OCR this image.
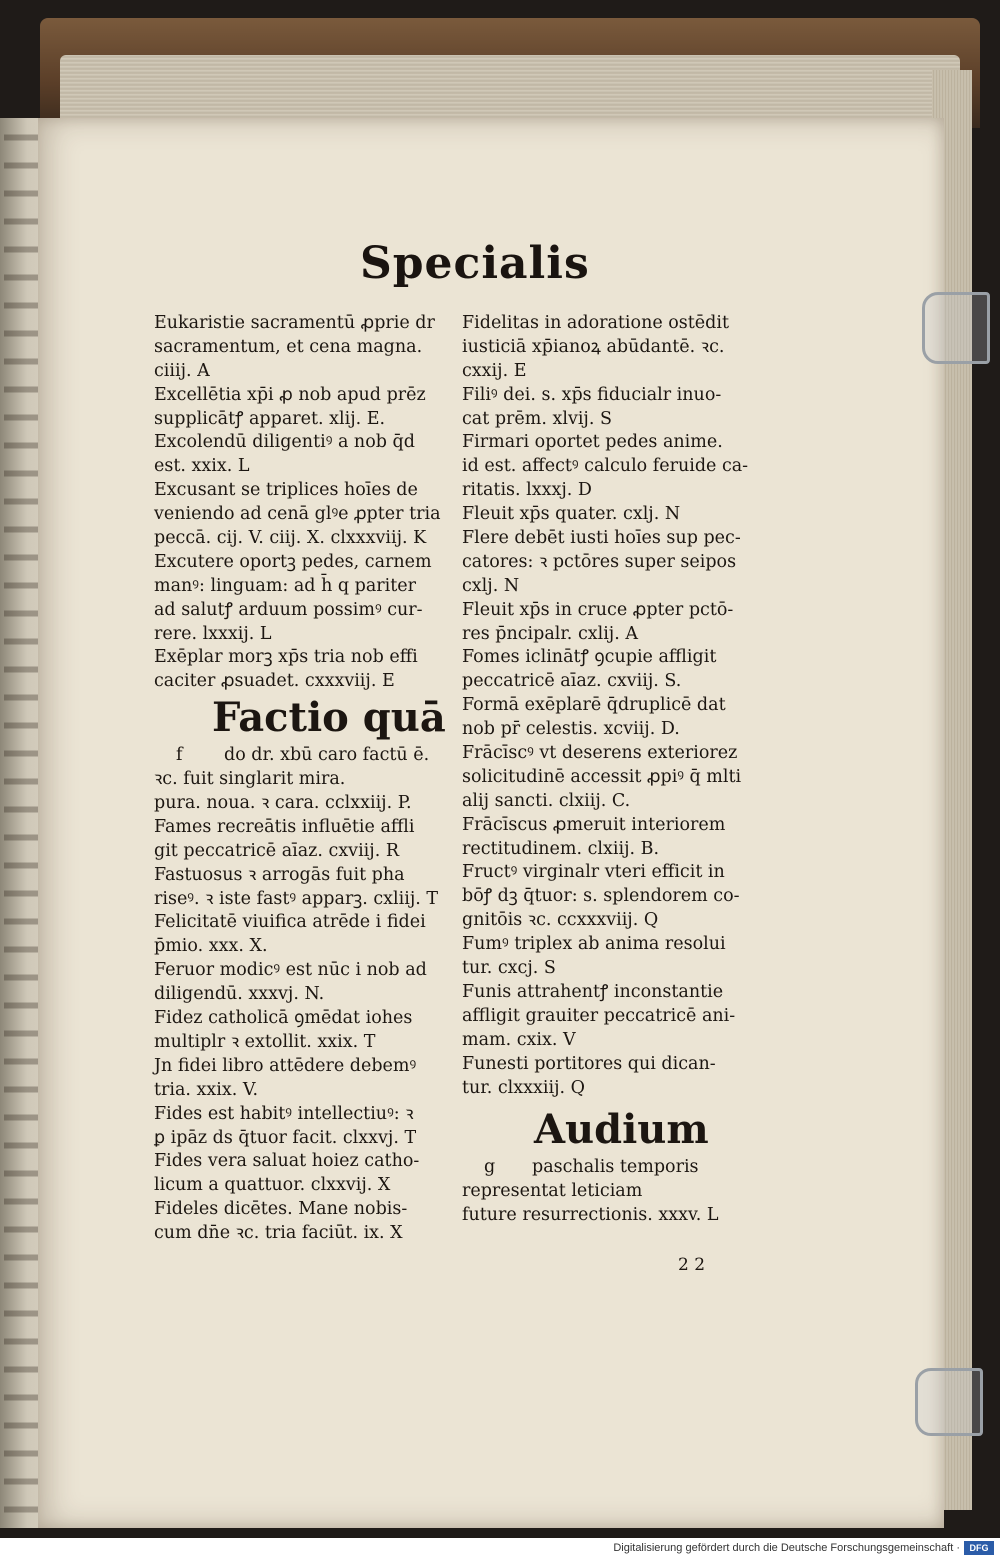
Specialis
Eukaristie sacramentū ꝓprie dr
sacramentum, et cena magna.
ciiij. A
Excellētia xp̄i ꝓ nob apud prēz
supplicātꝭ apparet. xlij. E.
Excolendū diligentiꝰ a nob q̄d
est. xxix. L
Excusant se triplices hoīes de
veniendo ad cenā glꝰe ꝓpter tria
peccā. cij. V. ciij. X. clxxxviij. K
Excutere oportꝫ pedes, carnem
manꝰ: linguam: ad h̄ q pariter
ad salutꝭ arduum possimꝰ cur-
rere. lxxxij. L
Exēplar morꝫ xp̄s tria nob effi
caciter ꝓsuadet. cxxxviij. E
Factio quā
f do dr. xbū caro factū ē.
ꝛc. fuit singlarit mira.
pura. noua. ꝛ cara. cclxxiij. P.
Fames recreātis influētie affli
git peccatricē aīaz. cxviij. R
Fastuosus ꝛ arrogās fuit pha
riseꝰ. ꝛ iste fastꝰ apparꝫ. cxliij. T
Felicitatē viuifica atrēde i fidei
p̄mio. xxx. X.
Feruor modicꝰ est nūc i nob ad
diligendū. xxxvj. N.
Fidez catholicā ꝯmēdat iohes
multiplr ꝛ extollit. xxix. T
Jn fidei libro attēdere debemꝰ
tria. xxix. V.
Fides est habitꝰ intellectiuꝰ: ꝛ
ꝑ ipāz ds q̄tuor facit. clxxvj. T
Fides vera saluat hoiez catho-
licum a quattuor. clxxvij. X
Fideles dicētes. Mane nobis-
cum dn̄e ꝛc. tria faciūt. ix. X
Fidelitas in adoratione ostēdit
iusticiā xp̄ianoꝝ abūdantē. ꝛc.
cxxij. E
Filiꝰ dei. s. xp̄s fiducialr inuo-
cat prēm. xlvij. S
Firmari oportet pedes anime.
id est. affectꝰ calculo feruide ca-
ritatis. lxxxj. D
Fleuit xp̄s quater. cxlj. N
Flere debēt iusti hoīes sup pec-
catores: ꝛ pctōres super seipos
cxlj. N
Fleuit xp̄s in cruce ꝓpter pctō-
res p̄ncipalr. cxlij. A
Fomes iclinātꝭ ꝯcupie affligit
peccatricē aīaz. cxviij. S.
Formā exēplarē q̄druplicē dat
nob pr̄ celestis. xcviij. D.
Frācīscꝰ vt deserens exteriorez
solicitudinē accessit ꝓpiꝰ q̄ mlti
alij sancti. clxiij. C.
Frācīscus ꝓmeruit interiorem
rectitudinem. clxiij. B.
Fructꝰ virginalr vteri efficit in
bōꝭ dꝫ q̄tuor: s. splendorem co-
gnitōis ꝛc. ccxxxviij. Q
Fumꝰ triplex ab anima resolui
tur. cxcj. S
Funis attrahentꝭ inconstantie
affligit grauiter peccatricē ani-
mam. cxix. V
Funesti portitores qui dican-
tur. clxxxiij. Q
Audium
g paschalis temporis
representat leticiam
future resurrectionis. xxxv. L
2 2
Digitalisierung gefördert durch die Deutsche Forschungsgemeinschaft ·	DFG
